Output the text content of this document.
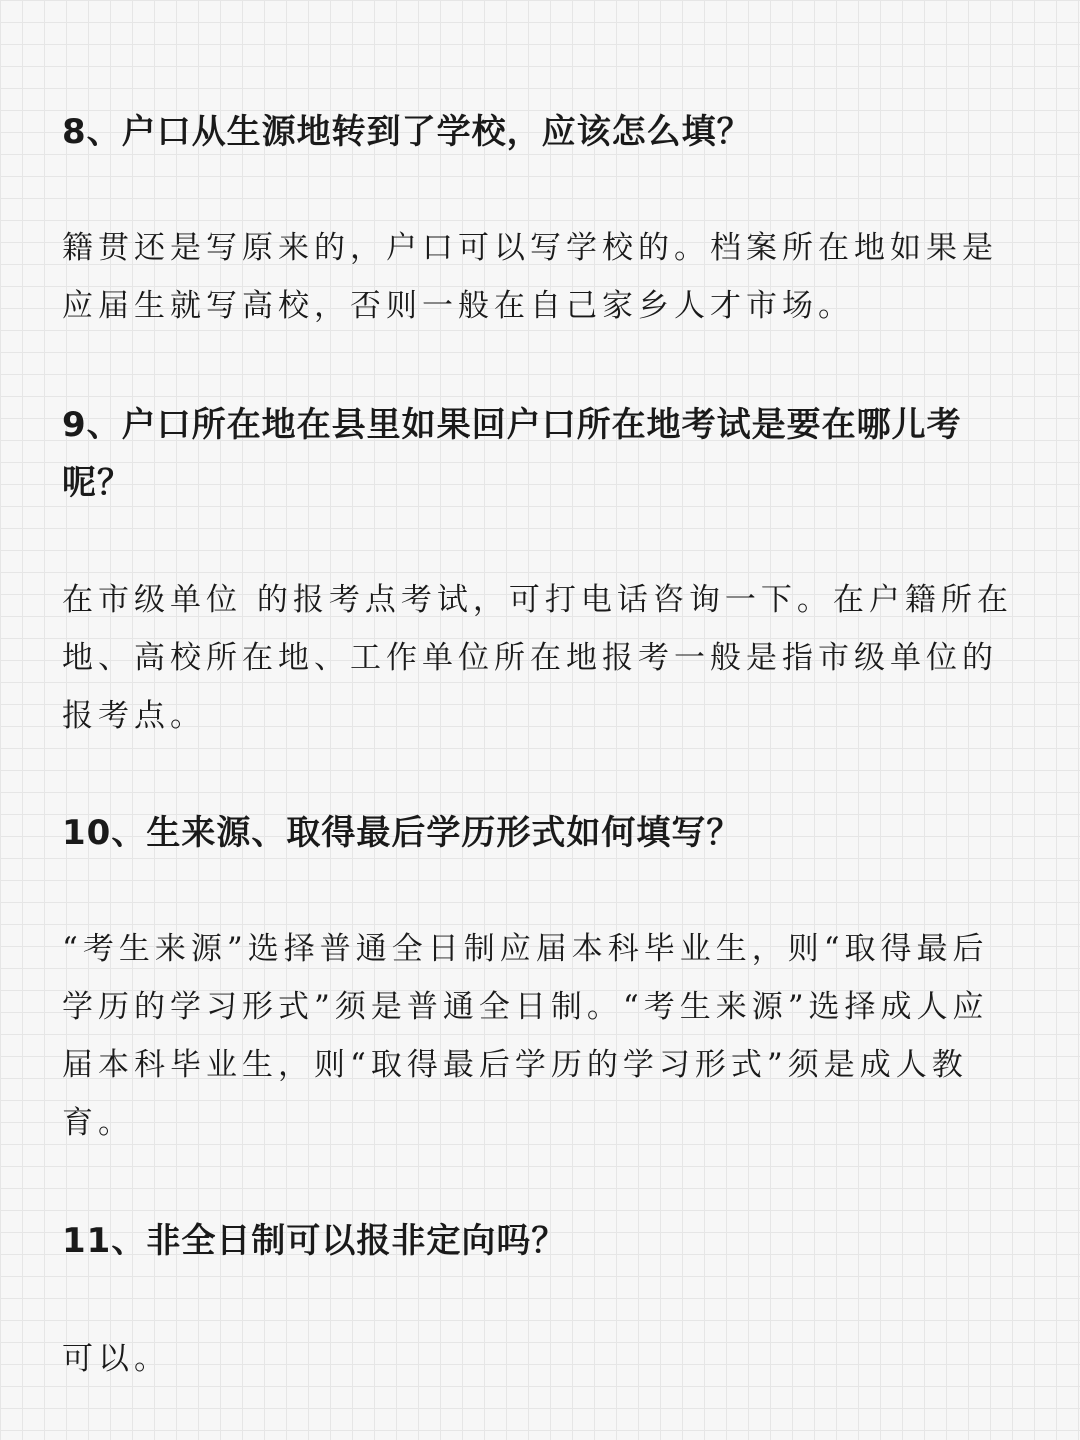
8、户口从生源地转到了学校，应该怎么填？

籍贯还是写原来的，户口可以写学校的。档案所在地如果是应届生就写高校，否则一般在自己家乡人才市场。

9、户口所在地在县里如果回户口所在地考试是要在哪儿考呢？

在市级单位 的报考点考试，可打电话咨询一下。在户籍所在地、高校所在地、工作单位所在地报考一般是指市级单位的报考点。

10、生来源、取得最后学历形式如何填写？

“考生来源”选择普通全日制应届本科毕业生，则“取得最后学历的学习形式”须是普通全日制。“考生来源”选择成人应届本科毕业生，则“取得最后学历的学习形式”须是成人教育。

11、非全日制可以报非定向吗？

可以。
